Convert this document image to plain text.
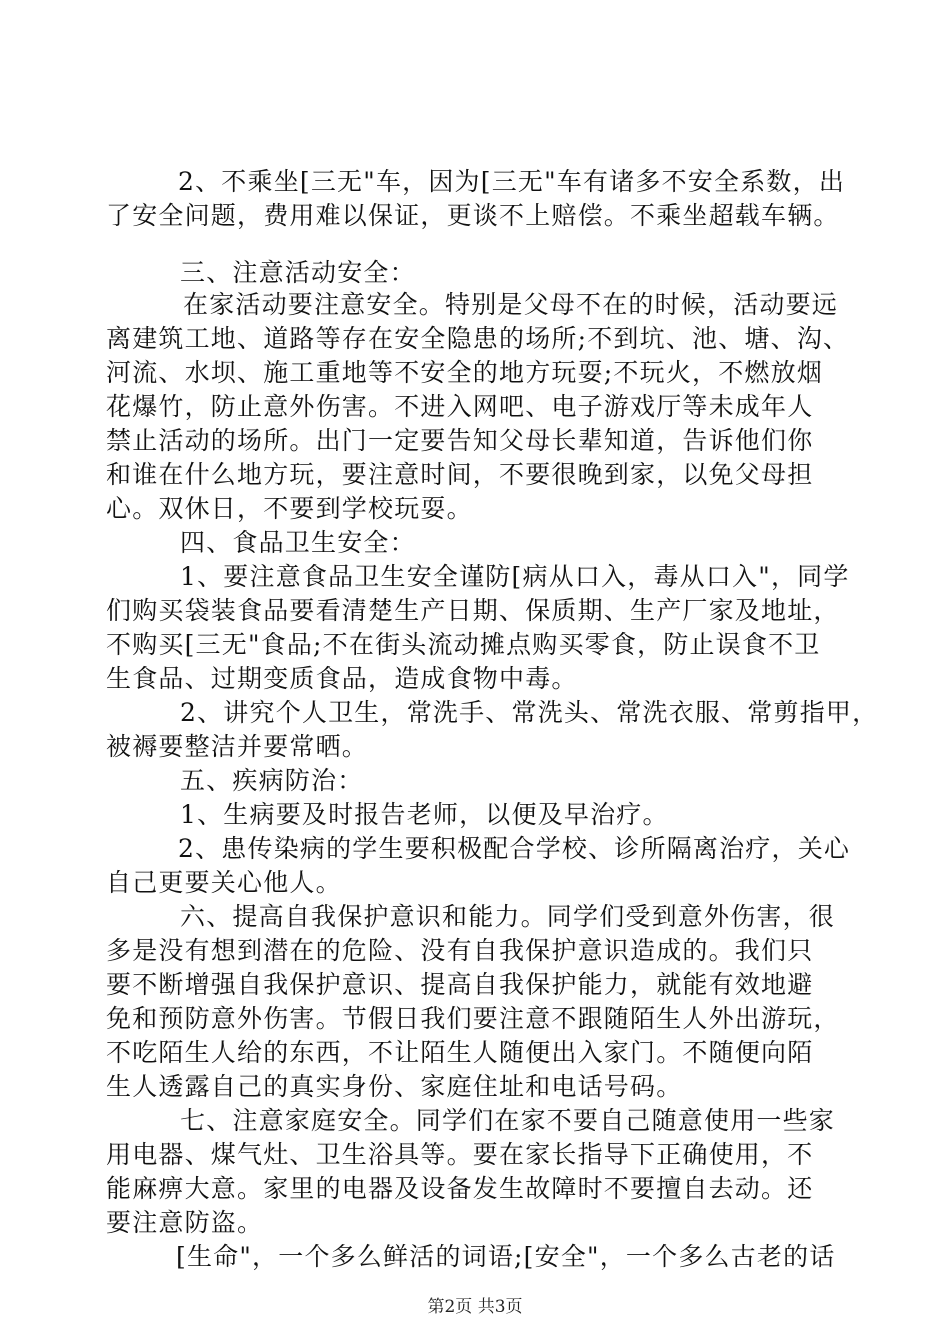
2、不乘坐[三无"车，因为[三无"车有诸多不安全系数，出

了安全问题，费用难以保证，更谈不上赔偿。不乘坐超载车辆。

三、注意活动安全：

在家活动要注意安全。特别是父母不在的时候，活动要远

离建筑工地、道路等存在安全隐患的场所;不到坑、池、塘、沟、

河流、水坝、施工重地等不安全的地方玩耍;不玩火，不燃放烟

花爆竹，防止意外伤害。不进入网吧、电子游戏厅等未成年人

禁止活动的场所。出门一定要告知父母长辈知道，告诉他们你

和谁在什么地方玩，要注意时间，不要很晚到家，以免父母担

心。双休日，不要到学校玩耍。

四、食品卫生安全：

1、要注意食品卫生安全谨防[病从口入，毒从口入"，同学

们购买袋装食品要看清楚生产日期、保质期、生产厂家及地址，

不购买[三无"食品;不在街头流动摊点购买零食，防止误食不卫

生食品、过期变质食品，造成食物中毒。

2、讲究个人卫生，常洗手、常洗头、常洗衣服、常剪指甲，

被褥要整洁并要常晒。

五、疾病防治：

1、生病要及时报告老师，以便及早治疗。

2、患传染病的学生要积极配合学校、诊所隔离治疗，关心

自己更要关心他人。

六、提高自我保护意识和能力。同学们受到意外伤害，很

多是没有想到潜在的危险、没有自我保护意识造成的。我们只

要不断增强自我保护意识、提高自我保护能力，就能有效地避

免和预防意外伤害。节假日我们要注意不跟随陌生人外出游玩，

不吃陌生人给的东西，不让陌生人随便出入家门。不随便向陌

生人透露自己的真实身份、家庭住址和电话号码。

七、注意家庭安全。同学们在家不要自己随意使用一些家

用电器、煤气灶、卫生浴具等。要在家长指导下正确使用，不

能麻痹大意。家里的电器及设备发生故障时不要擅自去动。还

要注意防盗。

[生命"，一个多么鲜活的词语;[安全"，一个多么古老的话

第2页 共3页
